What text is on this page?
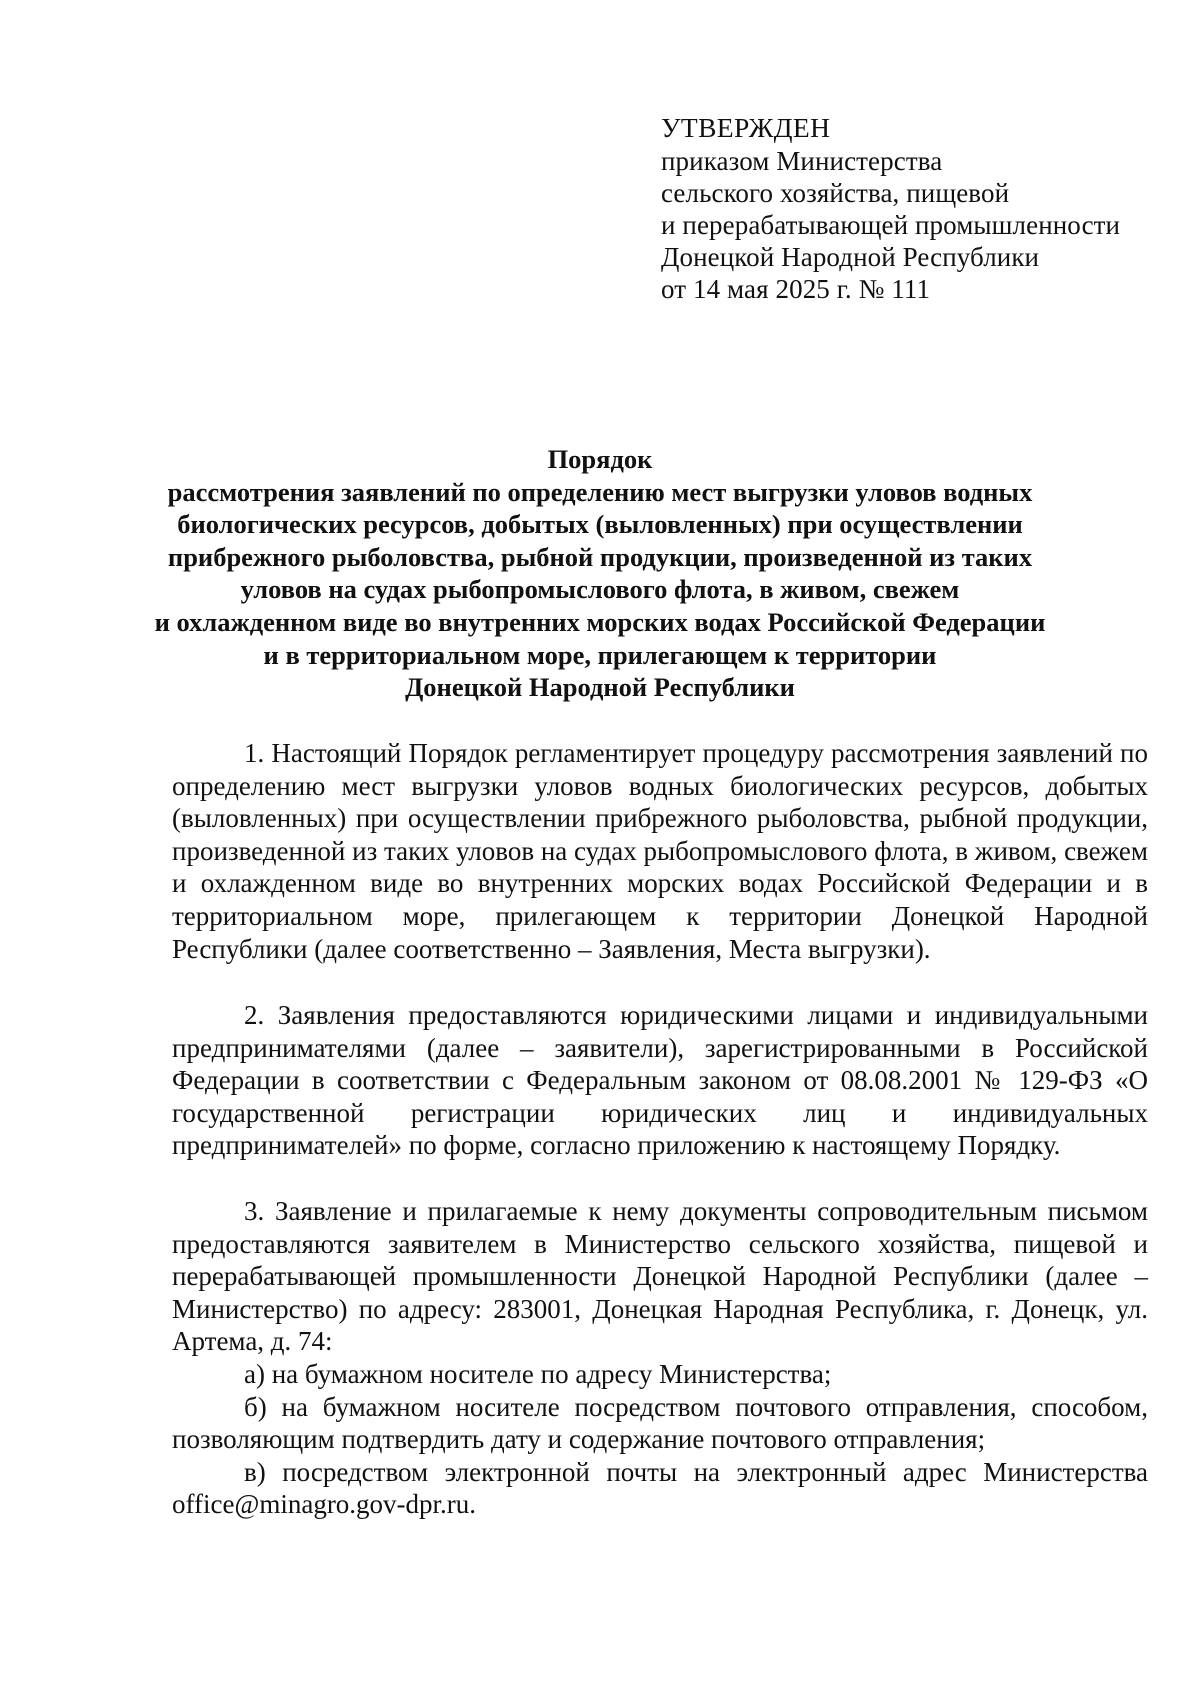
УТВЕРЖДЕН
приказом Министерства
сельского хозяйства, пищевой
и перерабатывающей промышленности
Донецкой Народной Республики
от 14 мая 2025 г. № 111
Порядок
рассмотрения заявлений по определению мест выгрузки уловов водных
биологических ресурсов, добытых (выловленных) при осуществлении
прибрежного рыболовства, рыбной продукции, произведенной из таких
уловов на судах рыбопромыслового флота, в живом, свежем
и охлажденном виде во внутренних морских водах Российской Федерации
и в территориальном море, прилегающем к территории
Донецкой Народной Республики

1. Настоящий Порядок регламентирует процедуру рассмотрения заявлений по определению мест выгрузки уловов водных биологических ресурсов, добытых (выловленных) при осуществлении прибрежного рыболовства, рыбной продукции, произведенной из таких уловов на судах рыбопромыслового флота, в живом, свежем и охлажденном виде во внутренних морских водах Российской Федерации и в территориальном море, прилегающем к территории Донецкой Народной Республики (далее соответственно – Заявления, Места выгрузки).

2. Заявления предоставляются юридическими лицами и индивидуальными предпринимателями (далее – заявители), зарегистрированными в Российской Федерации в соответствии с Федеральным законом от 08.08.2001 № 129-ФЗ «О государственной регистрации юридических лиц и индивидуальных предпринимателей» по форме, согласно приложению к настоящему Порядку.

3. Заявление и прилагаемые к нему документы сопроводительным письмом предоставляются заявителем в Министерство сельского хозяйства, пищевой и перерабатывающей промышленности Донецкой Народной Республики (далее – Министерство) по адресу: 283001, Донецкая Народная Республика, г. Донецк, ул. Артема, д. 74:

а) на бумажном носителе по адресу Министерства;

б) на бумажном носителе посредством почтового отправления, способом, позволяющим подтвердить дату и содержание почтового отправления;

в) посредством электронной почты на электронный адрес Министерства office@minagro.gov-dpr.ru.
